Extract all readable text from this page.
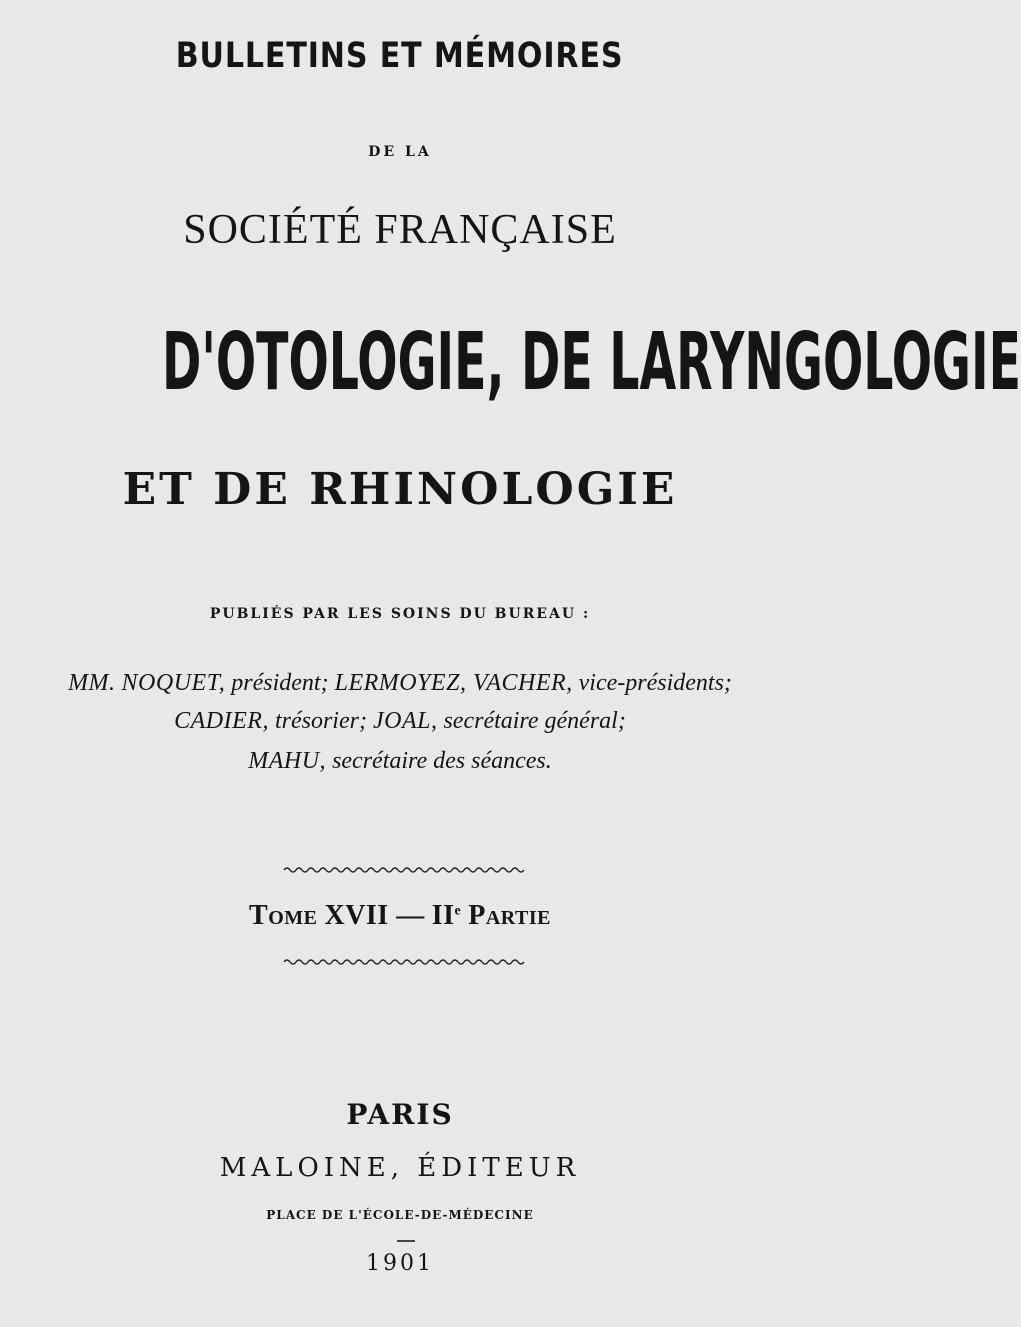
BULLETINS ET MÉMOIRES
DE LA
SOCIÉTÉ FRANÇAISE
D'OTOLOGIE, DE LARYNGOLOGIE
ET DE RHINOLOGIE
PUBLIÉS PAR LES SOINS DU BUREAU :
MM. NOQUET, président; LERMOYEZ, VACHER, vice-présidents;
CADIER, trésorier; JOAL, secrétaire général;
MAHU, secrétaire des séances.
TOME XVII — IIe PARTIE
PARIS
MALOINE, ÉDITEUR
PLACE DE L'ÉCOLE-DE-MÉDECINE
1901
